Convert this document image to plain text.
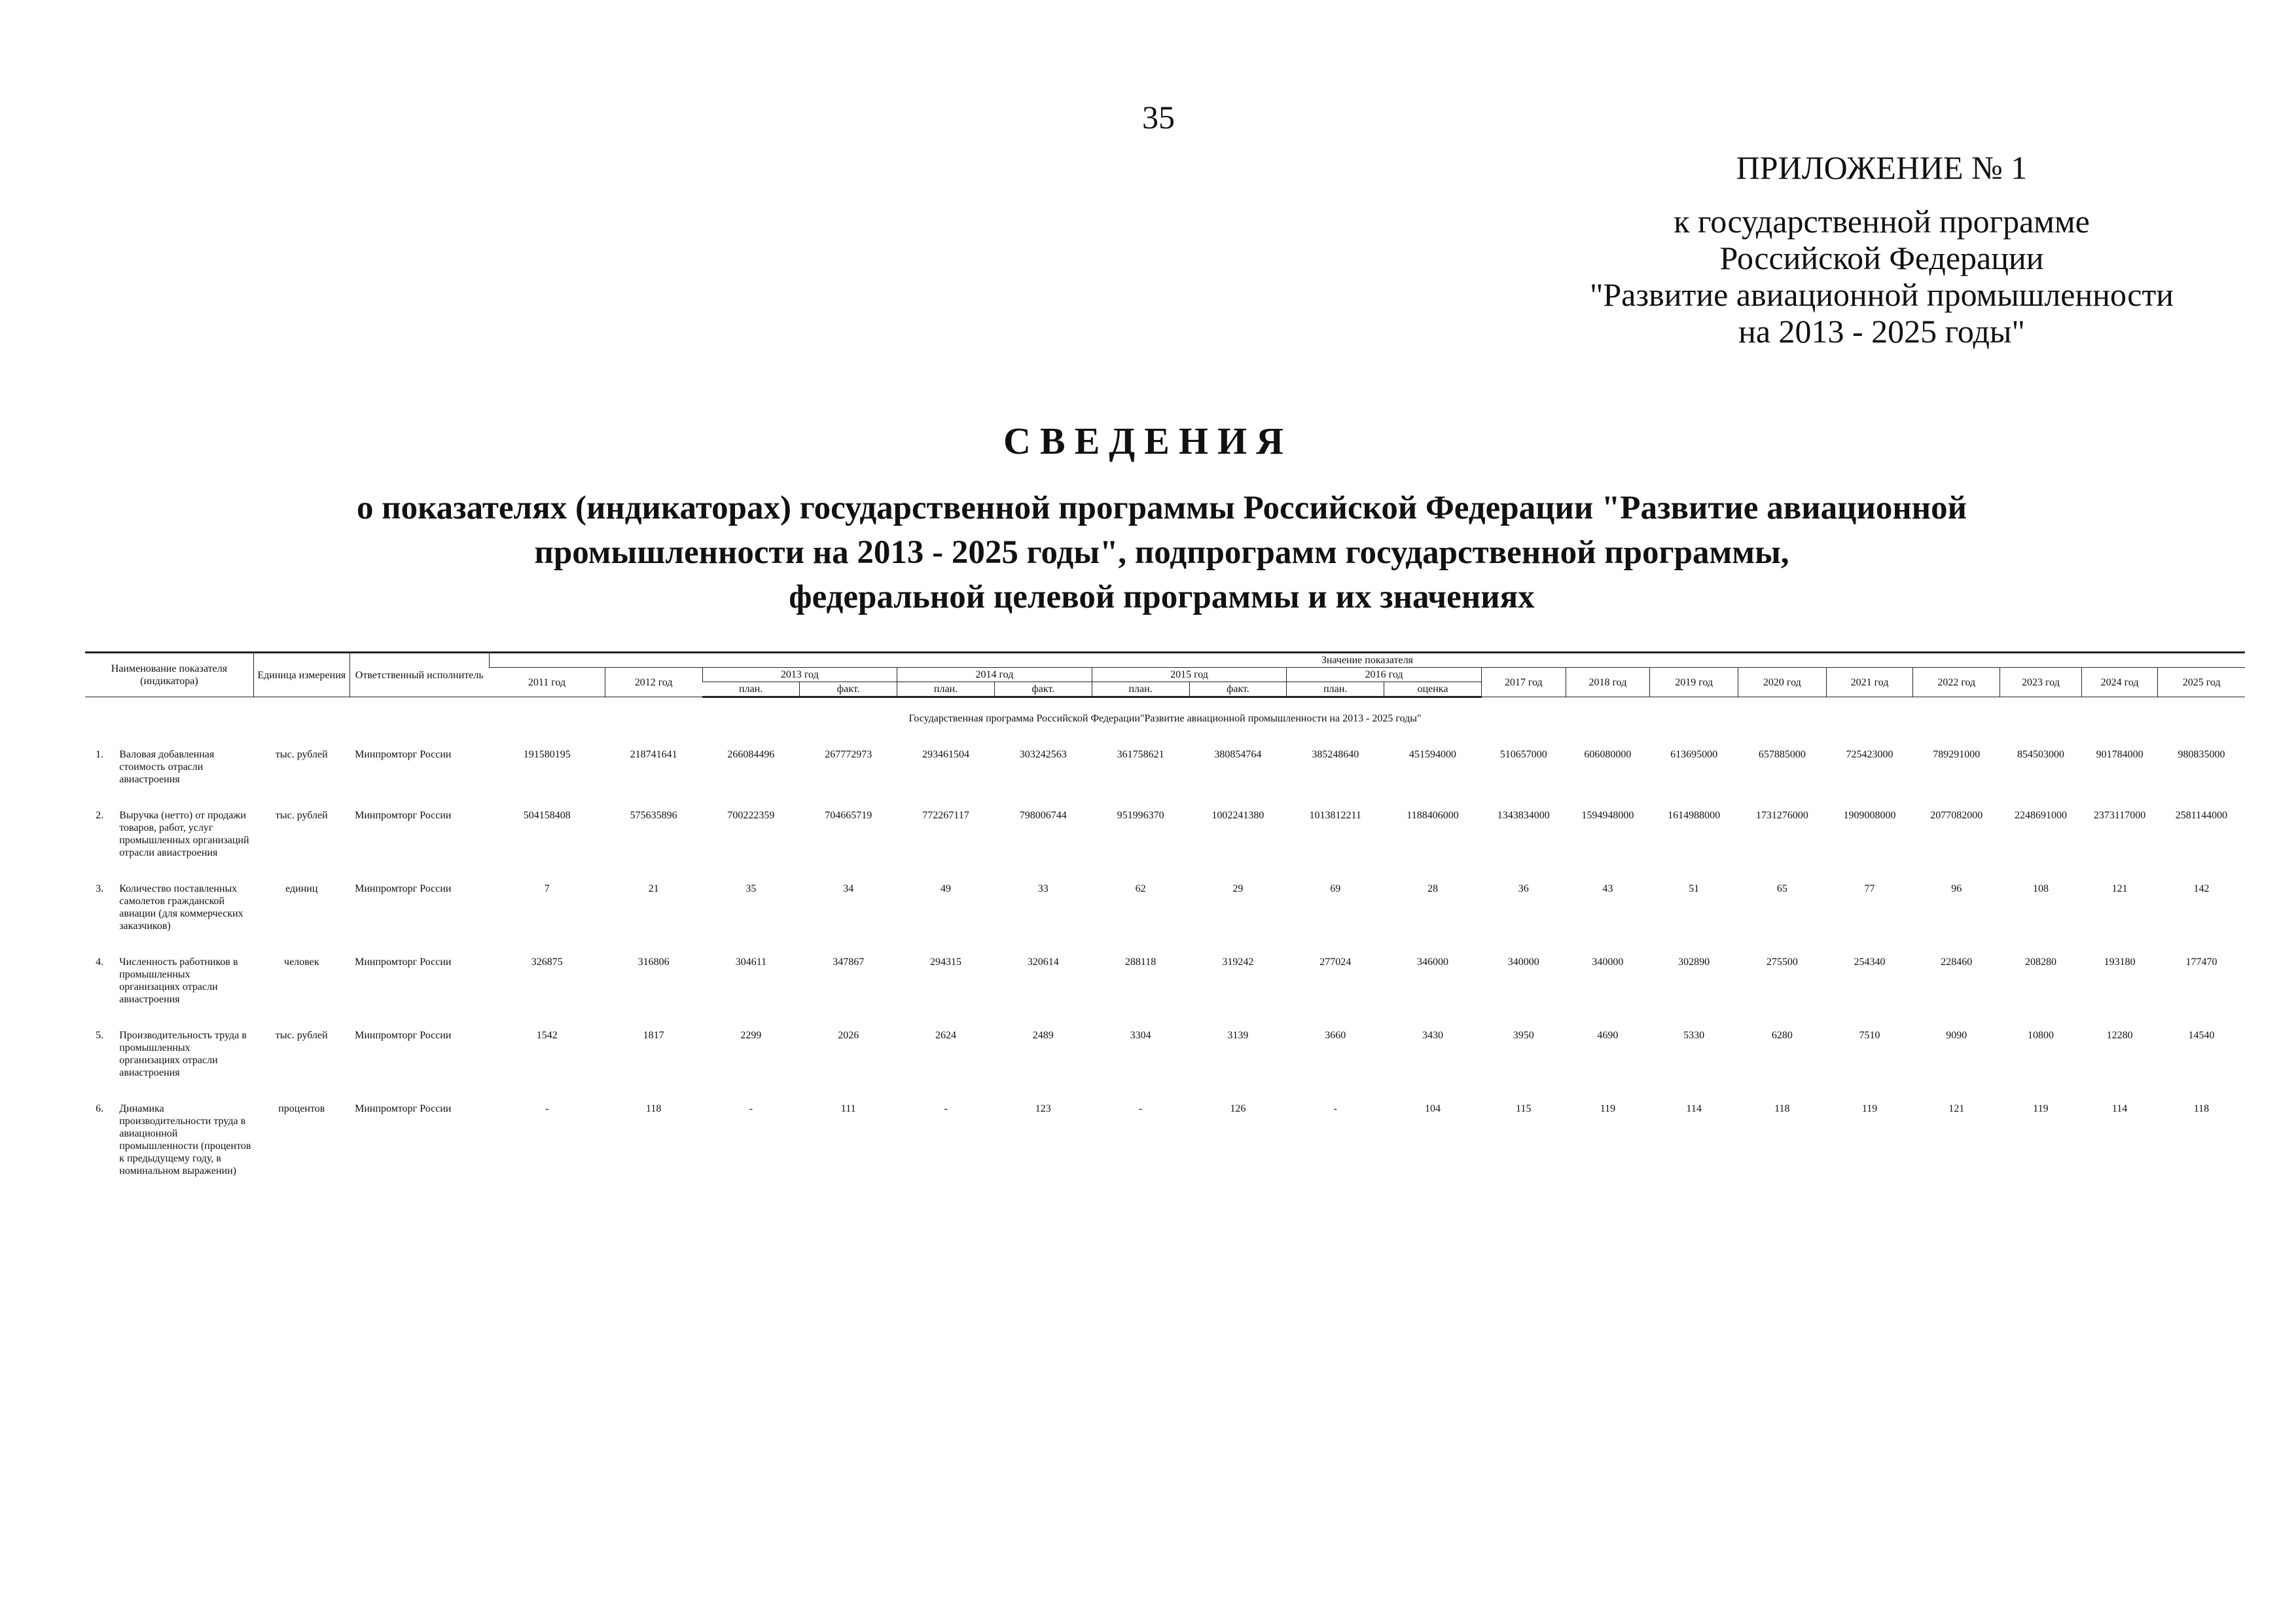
35
ПРИЛОЖЕНИЕ № 1
к государственной программе
Российской Федерации
"Развитие авиационной промышленности
на 2013 - 2025 годы"
СВЕДЕНИЯ
о показателях (индикаторах) государственной программы Российской Федерации "Развитие авиационной
промышленности на 2013 - 2025 годы", подпрограмм государственной программы,
федеральной целевой программы и их значениях
Наименование показателя (индикатора)		Единица измерения	Ответственный исполнитель	Значение показателя																		
				2011 год	2012 год	2013 год		2014 год		2015 год		2016 год		2017 год	2018 год	2019 год	2020 год	2021 год	2022 год	2023 год	2024 год	2025 год
						план.	факт.	план.	факт.	план.	факт.	план.	оценка									
Государственная программа Российской Федерации"Развитие авиационной промышленности на 2013 - 2025 годы"																						
1.	Валовая добавленная стоимость отрасли авиастроения	тыс. рублей	Минпромторг России	191580195	218741641	266084496	267772973	293461504	303242563	361758621	380854764	385248640	451594000	510657000	606080000	613695000	657885000	725423000	789291000	854503000	901784000	980835000
2.	Выручка (нетто) от продажи товаров, работ, услуг промышленных организаций отрасли авиастроения	тыс. рублей	Минпромторг России	504158408	575635896	700222359	704665719	772267117	798006744	951996370	1002241380	1013812211	1188406000	1343834000	1594948000	1614988000	1731276000	1909008000	2077082000	2248691000	2373117000	2581144000
3.	Количество поставленных самолетов гражданской авиации (для коммерческих заказчиков)	единиц	Минпромторг России	7	21	35	34	49	33	62	29	69	28	36	43	51	65	77	96	108	121	142
4.	Численность работников в промышленных организациях отрасли авиастроения	человек	Минпромторг России	326875	316806	304611	347867	294315	320614	288118	319242	277024	346000	340000	340000	302890	275500	254340	228460	208280	193180	177470
5.	Производительность труда в промышленных организациях отрасли авиастроения	тыс. рублей	Минпромторг России	1542	1817	2299	2026	2624	2489	3304	3139	3660	3430	3950	4690	5330	6280	7510	9090	10800	12280	14540
6.	Динамика производительности труда в авиационной промышленности (процентов к предыдущему году, в номинальном выражении)	процентов	Минпромторг России	-	118	-	111	-	123	-	126	-	104	115	119	114	118	119	121	119	114	118
